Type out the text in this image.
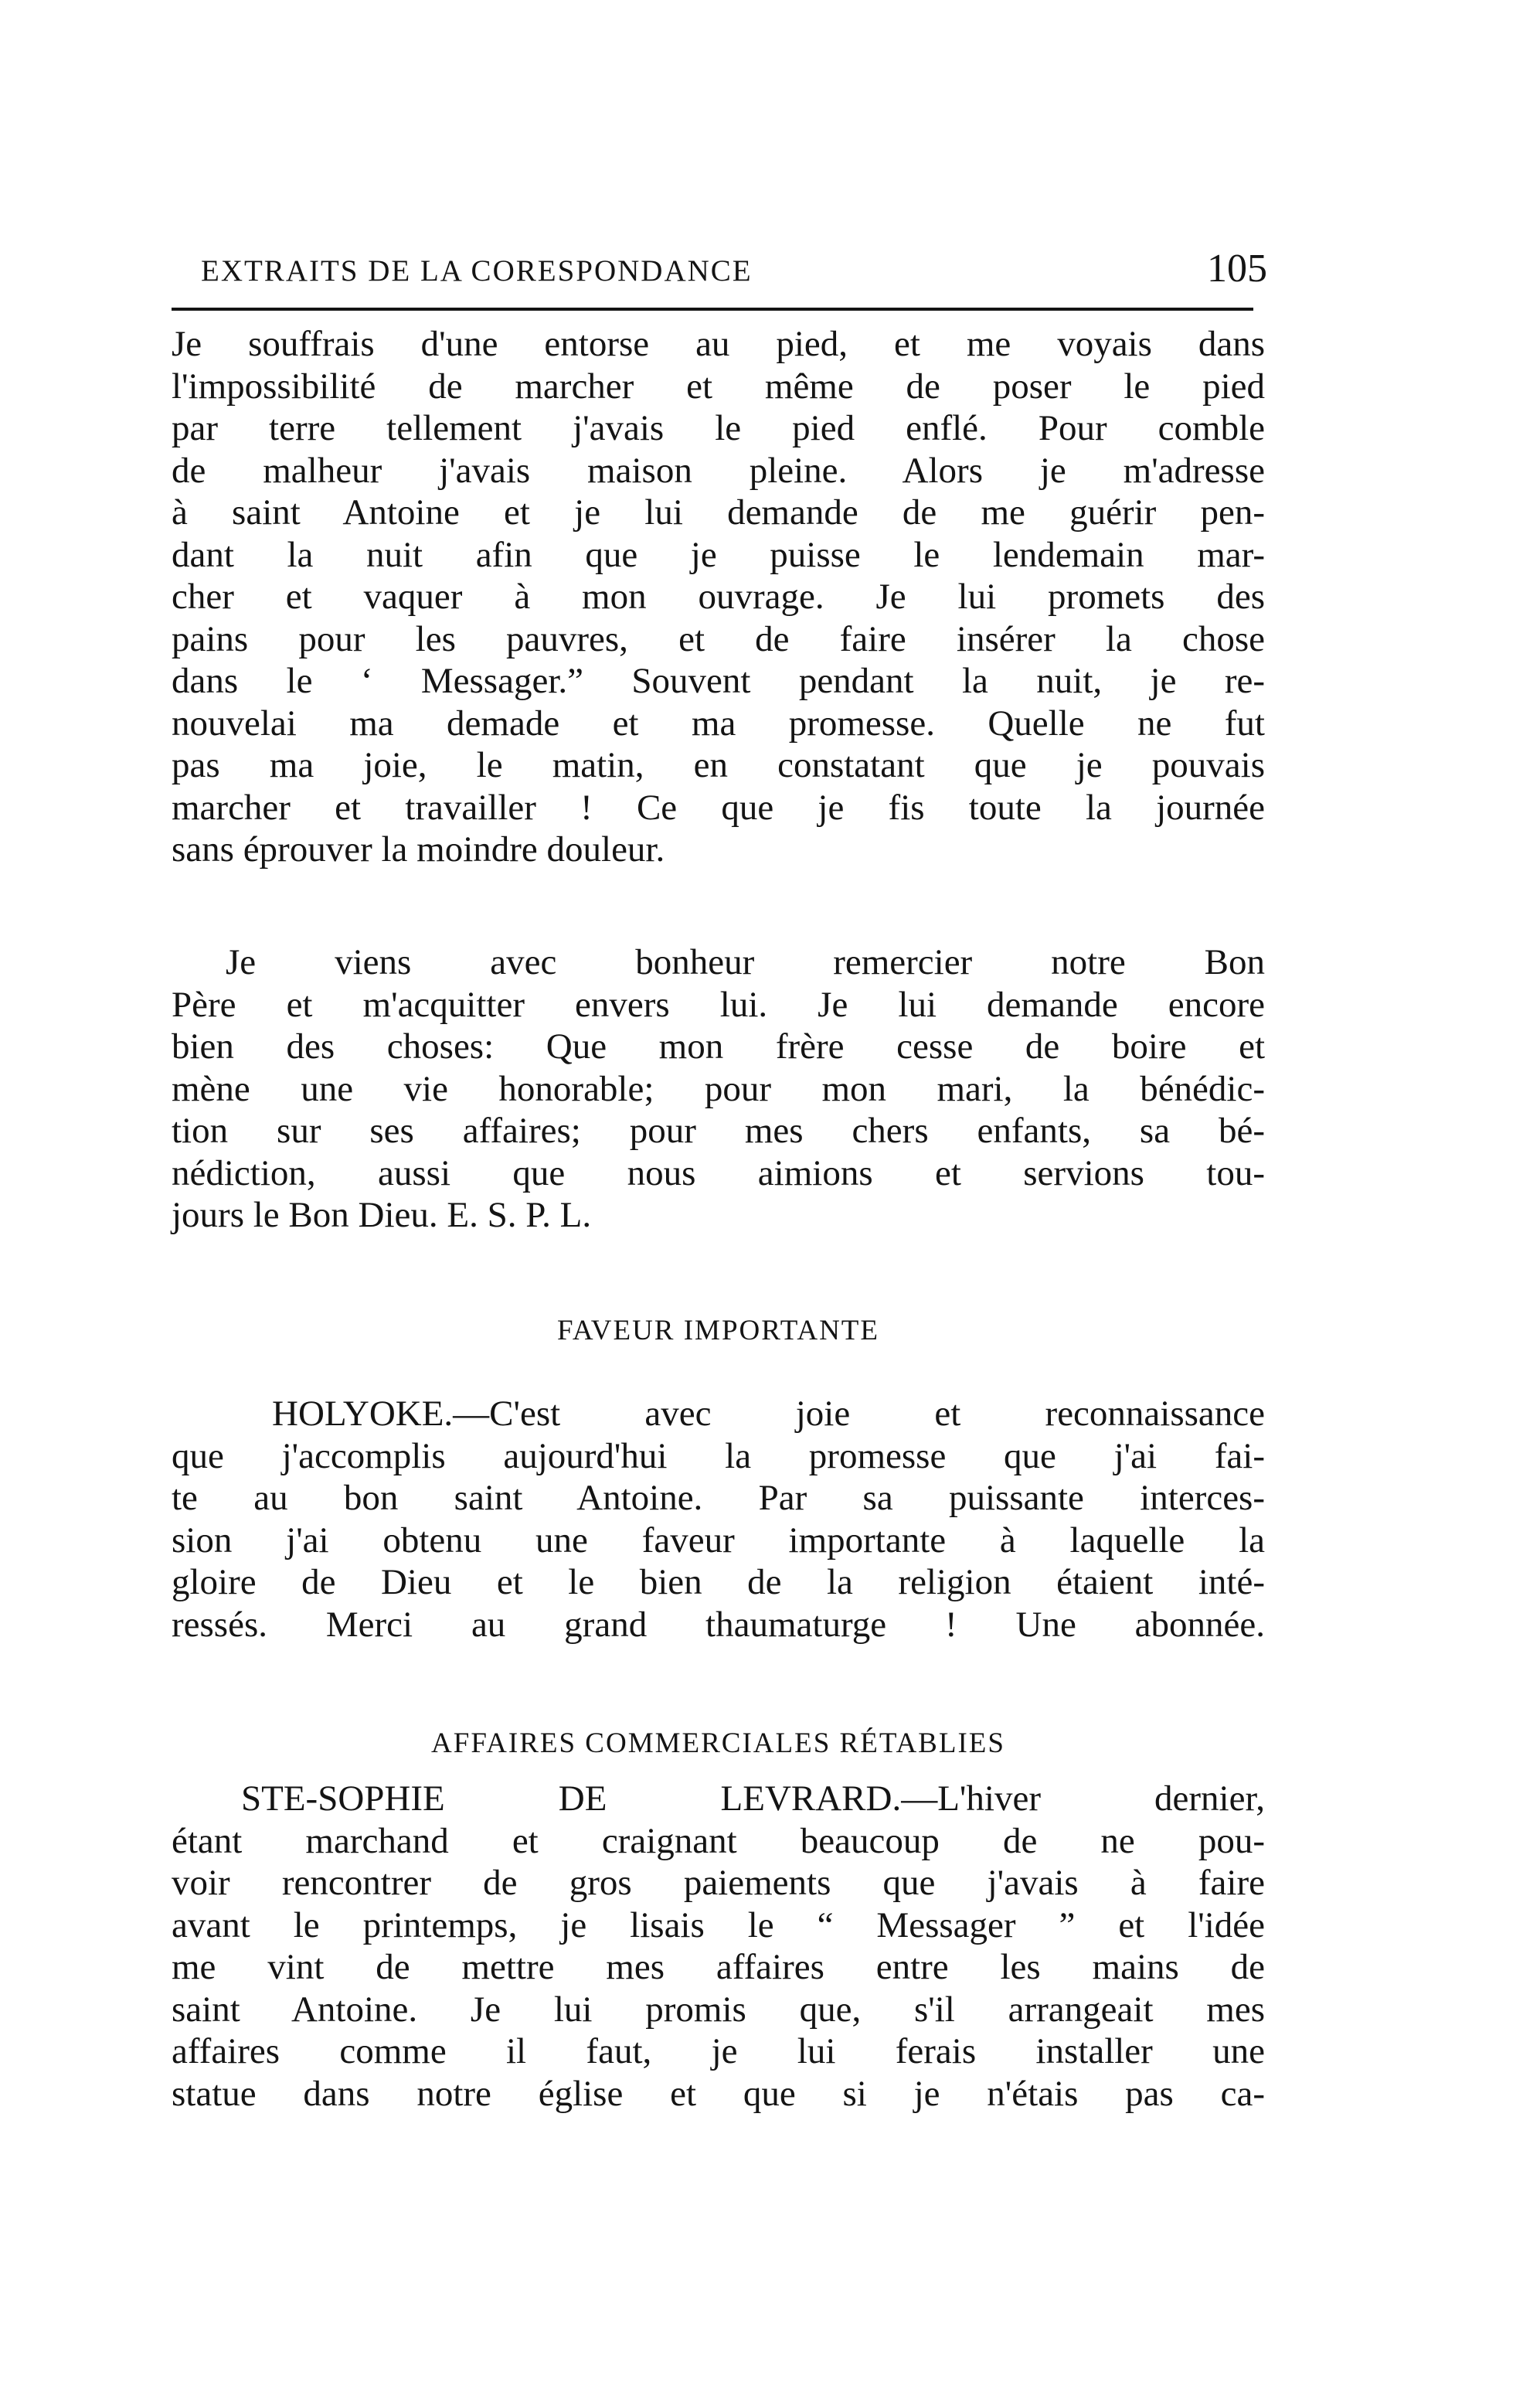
EXTRAITS DE LA CORESPONDANCE	105
Je souffrais d'une entorse au pied, et me voyais dans
l'impossibilité de marcher et même de poser le pied
par terre tellement j'avais le pied enflé. Pour comble
de malheur j'avais maison pleine. Alors je m'adresse
à saint Antoine et je lui demande de me guérir pen-
dant la nuit afin que je puisse le lendemain mar-
cher et vaquer à mon ouvrage. Je lui promets des
pains pour les pauvres, et de faire insérer la chose
dans le ‘ Messager.” Souvent pendant la nuit, je re-
nouvelai ma demade et ma promesse. Quelle ne fut
pas ma joie, le matin, en constatant que je pouvais
marcher et travailler ! Ce que je fis toute la journée
sans éprouver la moindre douleur.
Je viens avec bonheur remercier notre Bon
Père et m'acquitter envers lui. Je lui demande encore
bien des choses: Que mon frère cesse de boire et
mène une vie honorable; pour mon mari, la bénédic-
tion sur ses affaires; pour mes chers enfants, sa bé-
nédiction, aussi que nous aimions et servions tou-
jours le Bon Dieu. E. S. P. L.
FAVEUR IMPORTANTE
HOLYOKE.—C'est avec joie et reconnaissance
que j'accomplis aujourd'hui la promesse que j'ai fai-
te au bon saint Antoine. Par sa puissante interces-
sion j'ai obtenu une faveur importante à laquelle la
gloire de Dieu et le bien de la religion étaient inté-
ressés. Merci au grand thaumaturge ! Une abonnée.
AFFAIRES COMMERCIALES RÉTABLIES
STE-SOPHIE DE LEVRARD.—L'hiver dernier,
étant marchand et craignant beaucoup de ne pou-
voir rencontrer de gros paiements que j'avais à faire
avant le printemps, je lisais le “ Messager ” et l'idée
me vint de mettre mes affaires entre les mains de
saint Antoine. Je lui promis que, s'il arrangeait mes
affaires comme il faut, je lui ferais installer une
statue dans notre église et que si je n'étais pas ca-
